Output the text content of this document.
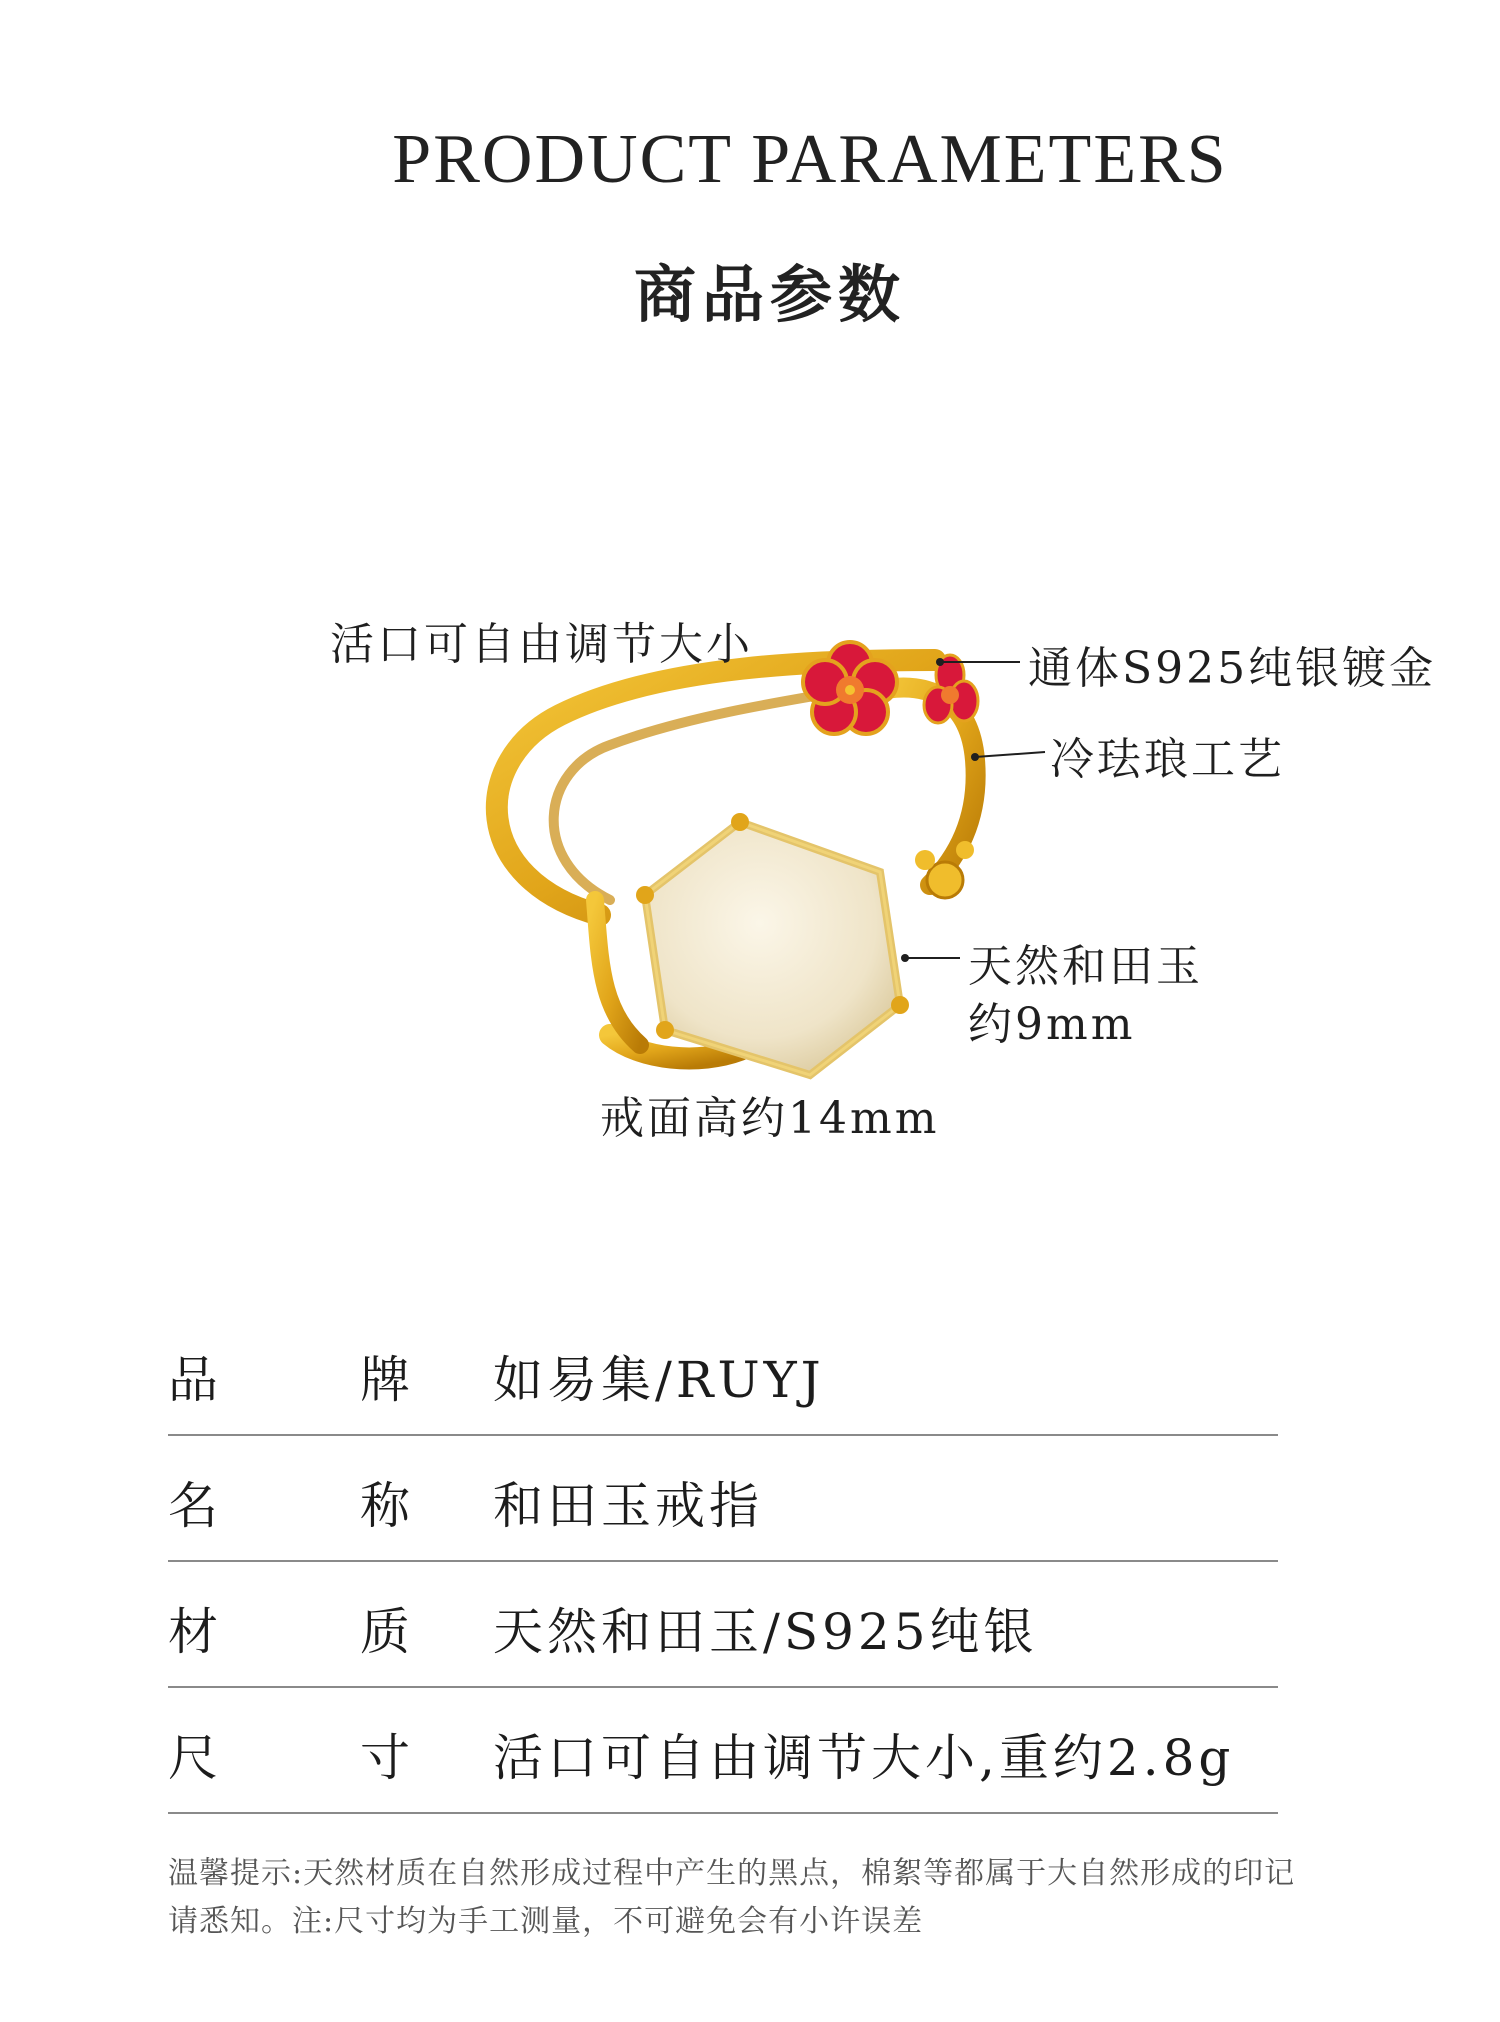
PRODUCT PARAMETERS
商品参数
活口可自由调节大小	通体S925纯银镀金
冷珐琅工艺
天然和田玉
约9mm
戒面高约14mm
品	牌 如易集/RUYJ
名	称 和田玉戒指
材	质 天然和田玉/S925纯银
尺	寸 活口可自由调节大小,重约2.8g
温馨提示:天然材质在自然形成过程中产生的黑点，棉絮等都属于大自然形成的印记
请悉知。注:尺寸均为手工测量，不可避免会有小许误差
